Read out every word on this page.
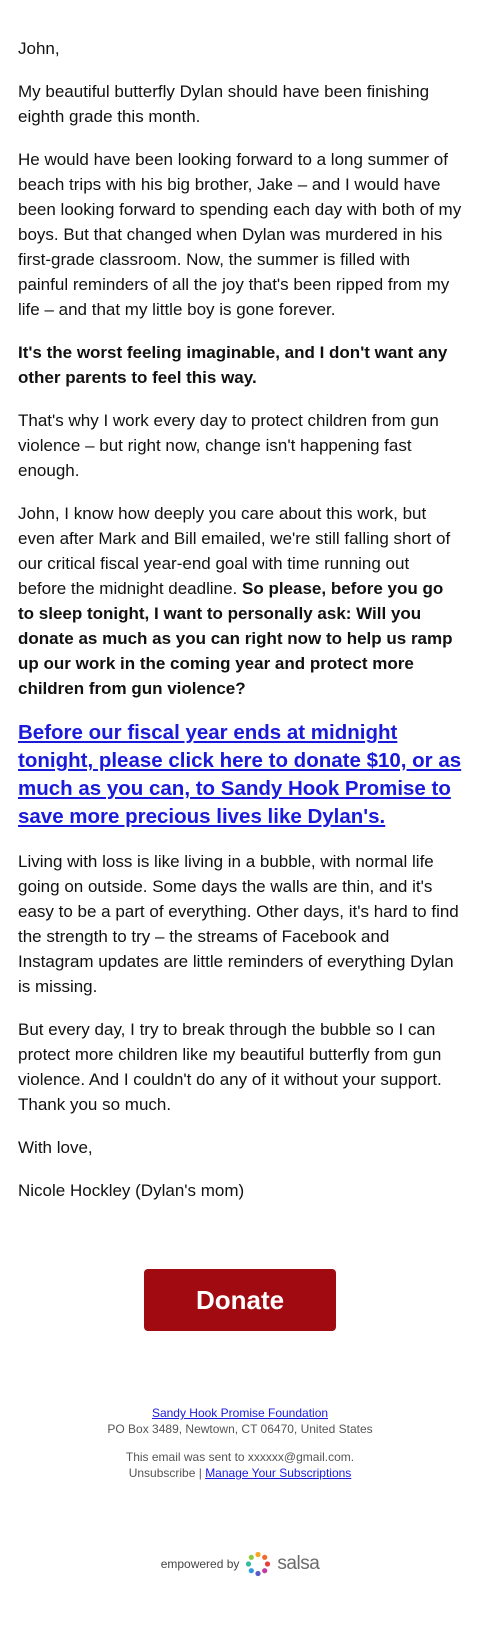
John,

My beautiful butterfly Dylan should have been finishing eighth grade this month.

He would have been looking forward to a long summer of beach trips with his big brother, Jake – and I would have been looking forward to spending each day with both of my boys. But that changed when Dylan was murdered in his first-grade classroom. Now, the summer is filled with painful reminders of all the joy that's been ripped from my life – and that my little boy is gone forever.

It's the worst feeling imaginable, and I don't want any other parents to feel this way.

That's why I work every day to protect children from gun violence – but right now, change isn't happening fast enough.

John, I know how deeply you care about this work, but even after Mark and Bill emailed, we're still falling short of our critical fiscal year-end goal with time running out before the midnight deadline. So please, before you go to sleep tonight, I want to personally ask: Will you donate as much as you can right now to help us ramp up our work in the coming year and protect more children from gun violence?

Before our fiscal year ends at midnight tonight, please click here to donate $10, or as much as you can, to Sandy Hook Promise to save more precious lives like Dylan's.

Living with loss is like living in a bubble, with normal life going on outside. Some days the walls are thin, and it's easy to be a part of everything. Other days, it's hard to find the strength to try – the streams of Facebook and Instagram updates are little reminders of everything Dylan is missing.

But every day, I try to break through the bubble so I can protect more children like my beautiful butterfly from gun violence. And I couldn't do any of it without your support. Thank you so much.

With love,

Nicole Hockley (Dylan's mom)

Donate
Sandy Hook Promise Foundation
PO Box 3489, Newtown, CT 06470, United States
This email was sent to xxxxxx@gmail.com.
Unsubscribe | Manage Your Subscriptions
empowered by salsa
